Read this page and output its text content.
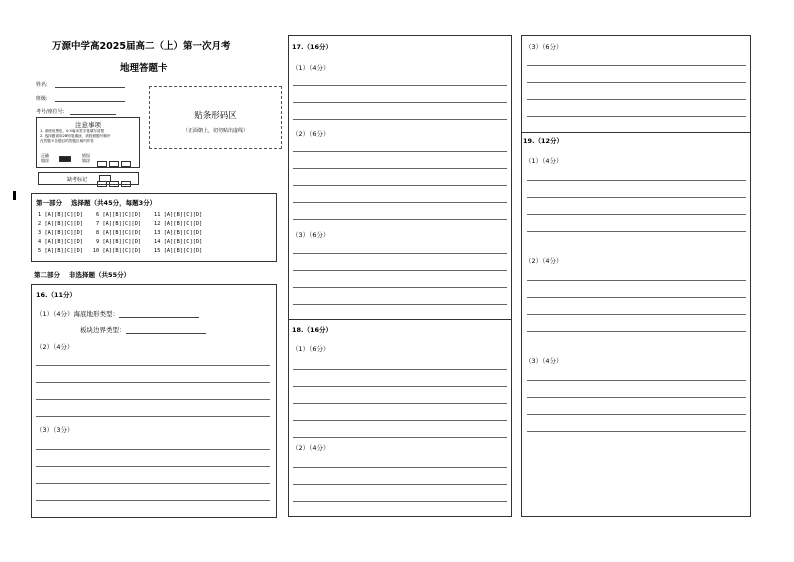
万源中学高2025届高二（上）第一次月考
地理答题卡
姓名:
班级:
考号/座位号:	贴条形码区
（正面朝上，切勿贴出虚线）
注意事项
1. 请使用黑色、0.5毫米签字笔填写清楚
2. 选择题请用2B铅笔填涂，请按照题号顺序
在答题卡各题目的答题区域内作答
正确
填涂
错误
填涂
缺考标记
第一部分    选择题（共45分，每题3分）
1 [A][B][C][D]    6 [A][B][C][D]    11 [A][B][C][D]
2 [A][B][C][D]    7 [A][B][C][D]    12 [A][B][C][D]
3 [A][B][C][D]    8 [A][B][C][D]    13 [A][B][C][D]
4 [A][B][C][D]    9 [A][B][C][D]    14 [A][B][C][D]
5 [A][B][C][D]   10 [A][B][C][D]    15 [A][B][C][D]
第二部分    非选择题（共55分）
16.（11分）
（1）（4分）海底地形类型：
板块边界类型：
（2）（4分）
（3）（3分）
17.（16分）
（1）（4分）
（2）（6分）
（3）（6分）
18.（16分）
（1）（6分）
（2）（4分）
（3）（6分）
19.（12分）
（1）（4分）
（2）（4分）
（3）（4分）
